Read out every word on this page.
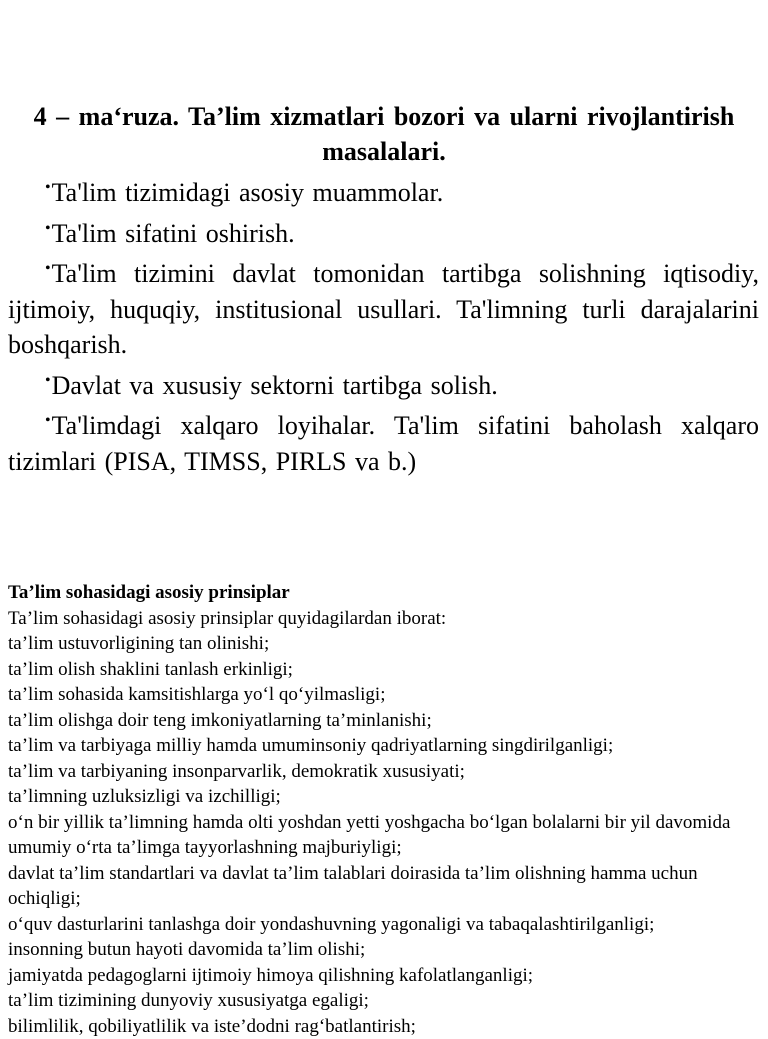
4 – maʻruza. Ta’lim xizmatlari bozori va ularni rivojlantirish masalalari.
•Ta'lim tizimidagi asosiy muammolar.
•Ta'lim sifatini oshirish.
•Ta'lim tizimini davlat tomonidan tartibga solishning iqtisodiy, ijtimoiy, huquqiy, institusional usullari. Ta'limning turli darajalarini boshqarish.
•Davlat va xususiy sektorni tartibga solish.
•Ta'limdagi xalqaro loyihalar. Ta'lim sifatini baholash xalqaro tizimlari (PISA, TIMSS, PIRLS va b.)

Ta’lim sohasidagi asosiy prinsiplar

Ta’lim sohasidagi asosiy prinsiplar quyidagilardan iborat:

ta’lim ustuvorligining tan olinishi;
ta’lim olish shaklini tanlash erkinligi;
ta’lim sohasida kamsitishlarga yo‘l qo‘yilmasligi;
ta’lim olishga doir teng imkoniyatlarning ta’minlanishi;
ta’lim va tarbiyaga milliy hamda umuminsoniy qadriyatlarning singdirilganligi;
ta’lim va tarbiyaning insonparvarlik, demokratik xususiyati;
ta’limning uzluksizligi va izchilligi;
o‘n bir yillik ta’limning hamda olti yoshdan yetti yoshgacha bo‘lgan bolalarni bir yil davomida umumiy o‘rta ta’limga tayyorlashning majburiyligi;
davlat ta’lim standartlari va davlat ta’lim talablari doirasida ta’lim olishning hamma uchun ochiqligi;
o‘quv dasturlarini tanlashga doir yondashuvning yagonaligi va tabaqalashtirilganligi;
insonning butun hayoti davomida ta’lim olishi;
jamiyatda pedagoglarni ijtimoiy himoya qilishning kafolatlanganligi;
ta’lim tizimining dunyoviy xususiyatga egaligi;
bilimlilik, qobiliyatlilik va iste’dodni rag‘batlantirish;
